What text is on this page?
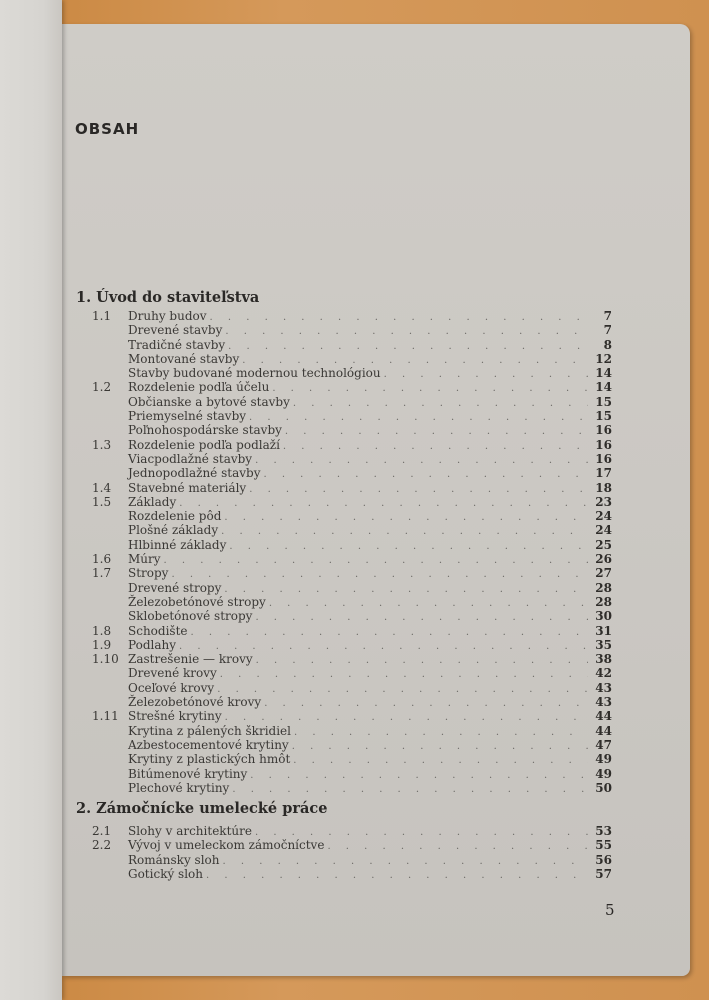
OBSAH
1. Úvod do staviteľstva
1.1	Druhy budov . . .	7
Drevené stavby . . .	7
Tradičné stavby . . .	8
Montované stavby . . .	12
Stavby budované modernou technológiou . . .	14
1.2	Rozdelenie podľa účelu . . .	14
Občianske a bytové stavby . . .	15
Priemyselné stavby . . .	15
Poľnohospodárske stavby . . .	16
1.3	Rozdelenie podľa podlaží . . .	16
Viacpodlažné stavby . . .	16
Jednopodlažné stavby . . .	17
1.4	Stavebné materiály . . .	18
1.5	Základy . . .	23
Rozdelenie pôd . . .	24
Plošné základy . . .	24
Hlbinné základy . . .	25
1.6	Múry . . .	26
1.7	Stropy . . .	27
Drevené stropy . . .	28
Železobetónové stropy . . .	28
Sklobetónové stropy . . .	30
1.8	Schodište . . .	31
1.9	Podlahy . . .	35
1.10 Zastrešenie — krovy . . .	38
Drevené krovy . . .	42
Oceľové krovy . . .	43
Železobetónové krovy . . .	43
1.11 Strešné krytiny . . .	44
Krytina z pálených škridiel . . .	44
Azbestocementové krytiny . . .	47
Krytiny z plastických hmôt . . .	49
Bitúmenové krytiny . . .	49
Plechové krytiny . . .	50
2. Zámočnícke umelecké práce
2.1	Slohy v architektúre . . .	53
2.2	Vývoj v umeleckom zámočníctve . . .	55
Románsky sloh . . .	56
Gotický sloh . . .	57
5
